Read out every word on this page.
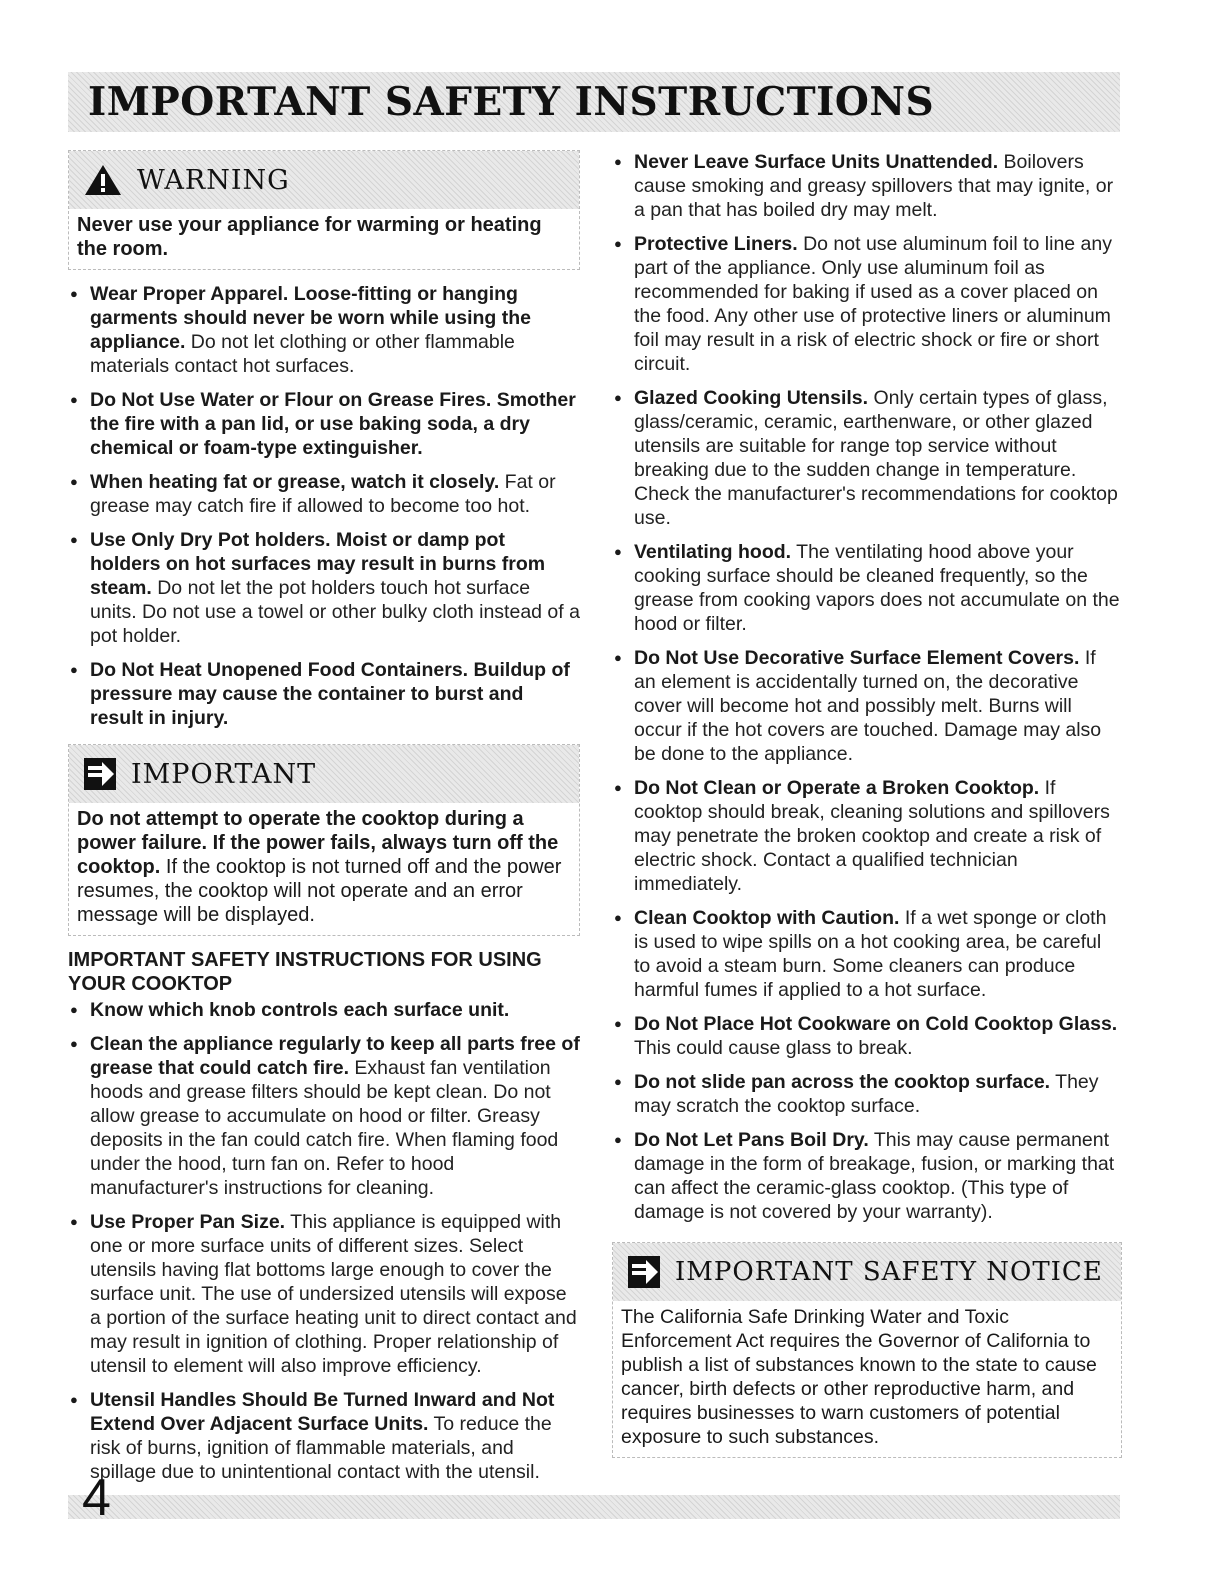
IMPORTANT SAFETY INSTRUCTIONS
WARNING
Never use your appliance for warming or heating the room.

● Wear Proper Apparel. Loose-fitting or hanging garments should never be worn while using the appliance. Do not let clothing or other flammable materials contact hot surfaces.

● Do Not Use Water or Flour on Grease Fires. Smother the fire with a pan lid, or use baking soda, a dry chemical or foam-type extinguisher.

● When heating fat or grease, watch it closely. Fat or grease may catch fire if allowed to become too hot.

● Use Only Dry Pot holders. Moist or damp pot holders on hot surfaces may result in burns from steam. Do not let the pot holders touch hot surface units. Do not use a towel or other bulky cloth instead of a pot holder.

● Do Not Heat Unopened Food Containers. Buildup of pressure may cause the container to burst and result in injury.

IMPORTANT
Do not attempt to operate the cooktop during a power failure. If the power fails, always turn off the cooktop. If the cooktop is not turned off and the power resumes, the cooktop will not operate and an error message will be displayed.
IMPORTANT SAFETY INSTRUCTIONS FOR USING YOUR COOKTOP

● Know which knob controls each surface unit.

● Clean the appliance regularly to keep all parts free of grease that could catch fire. Exhaust fan ventilation hoods and grease filters should be kept clean. Do not allow grease to accumulate on hood or filter. Greasy deposits in the fan could catch fire. When flaming food under the hood, turn fan on. Refer to hood manufacturer's instructions for cleaning.

● Use Proper Pan Size. This appliance is equipped with one or more surface units of different sizes. Select utensils having flat bottoms large enough to cover the surface unit. The use of undersized utensils will expose a portion of the surface heating unit to direct contact and may result in ignition of clothing. Proper relationship of utensil to element will also improve efficiency.

● Utensil Handles Should Be Turned Inward and Not Extend Over Adjacent Surface Units. To reduce the risk of burns, ignition of flammable materials, and spillage due to unintentional contact with the utensil.

● Never Leave Surface Units Unattended. Boilovers cause smoking and greasy spillovers that may ignite, or a pan that has boiled dry may melt.

● Protective Liners. Do not use aluminum foil to line any part of the appliance. Only use aluminum foil as recommended for baking if used as a cover placed on the food. Any other use of protective liners or aluminum foil may result in a risk of electric shock or fire or short circuit.

● Glazed Cooking Utensils. Only certain types of glass, glass/ceramic, ceramic, earthenware, or other glazed utensils are suitable for range top service without breaking due to the sudden change in temperature. Check the manufacturer's recommendations for cooktop use.

● Ventilating hood. The ventilating hood above your cooking surface should be cleaned frequently, so the grease from cooking vapors does not accumulate on the hood or filter.

● Do Not Use Decorative Surface Element Covers. If an element is accidentally turned on, the decorative cover will become hot and possibly melt. Burns will occur if the hot covers are touched. Damage may also be done to the appliance.

● Do Not Clean or Operate a Broken Cooktop. If cooktop should break, cleaning solutions and spillovers may penetrate the broken cooktop and create a risk of electric shock. Contact a qualified technician immediately.

● Clean Cooktop with Caution. If a wet sponge or cloth is used to wipe spills on a hot cooking area, be careful to avoid a steam burn. Some cleaners can produce harmful fumes if applied to a hot surface.

● Do Not Place Hot Cookware on Cold Cooktop Glass. This could cause glass to break.

● Do not slide pan across the cooktop surface. They may scratch the cooktop surface.

● Do Not Let Pans Boil Dry. This may cause permanent damage in the form of breakage, fusion, or marking that can affect the ceramic-glass cooktop. (This type of damage is not covered by your warranty).

IMPORTANT SAFETY NOTICE
The California Safe Drinking Water and Toxic Enforcement Act requires the Governor of California to publish a list of substances known to the state to cause cancer, birth defects or other reproductive harm, and requires businesses to warn customers of potential exposure to such substances.
4
